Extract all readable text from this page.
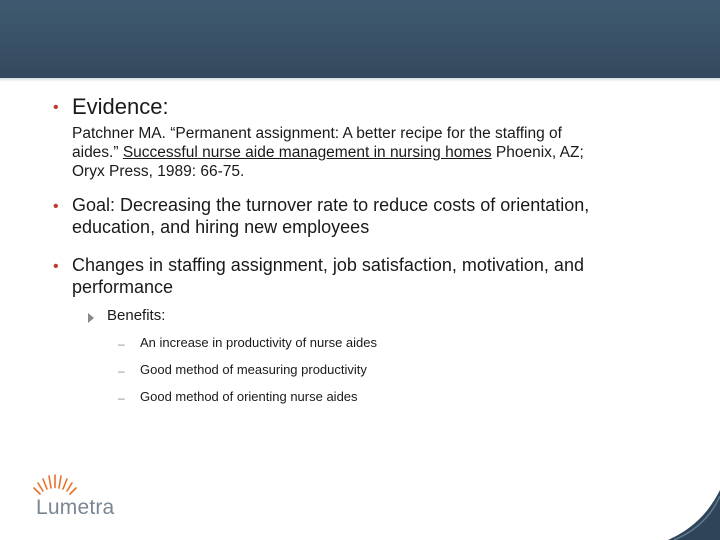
• Evidence:
Patchner MA. “Permanent assignment: A better recipe for the staffing of
aides.” Successful nurse aide management in nursing homes Phoenix, AZ;
Oryx Press, 1989: 66-75.
• Goal: Decreasing the turnover rate to reduce costs of orientation,
education, and hiring new employees
• Changes in staffing assignment, job satisfaction, motivation, and
performance
Benefits:
– An increase in productivity of nurse aides
– Good method of measuring productivity
– Good method of orienting nurse aides
Lumetra
